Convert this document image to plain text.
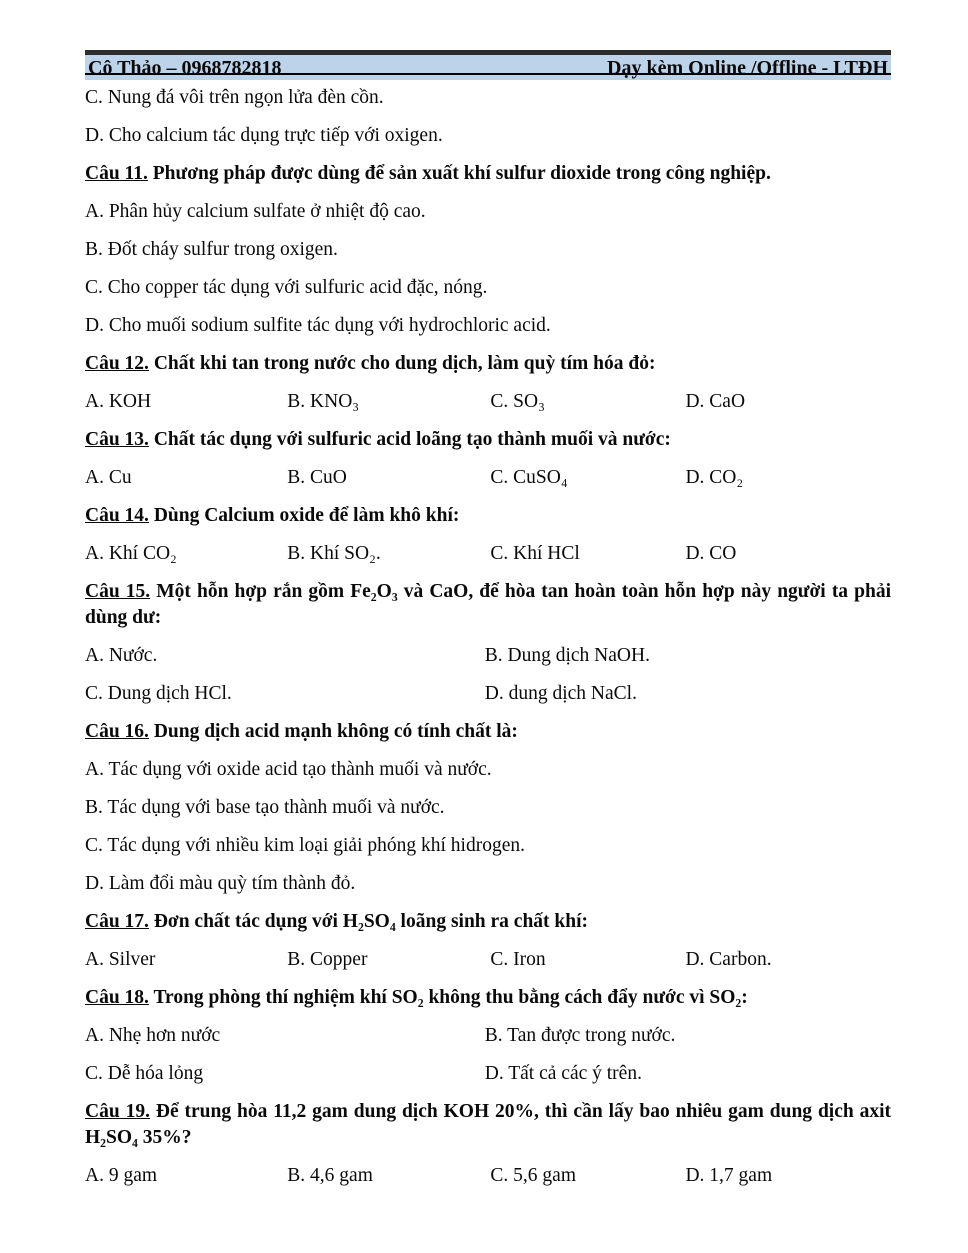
Cô Thảo – 0968782818	Dạy kèm Online /Offline - LTĐH

C. Nung đá vôi trên ngọn lửa đèn cồn.

D. Cho calcium tác dụng trực tiếp với oxigen.

Câu 11. Phương pháp được dùng để sản xuất khí sulfur dioxide trong công nghiệp.

A. Phân hủy calcium sulfate ở nhiệt độ cao.
B. Đốt cháy sulfur trong oxigen.
C. Cho copper tác dụng với sulfuric acid đặc, nóng.
D. Cho muối sodium sulfite tác dụng với hydrochloric acid.

Câu 12. Chất khi tan trong nước cho dung dịch, làm quỳ tím hóa đỏ:

A. KOH	B. KNO₃	C. SO₃	D. CaO

Câu 13. Chất tác dụng với sulfuric acid loãng tạo thành muối và nước:

A. Cu	B. CuO	C. CuSO₄	D. CO₂

Câu 14. Dùng Calcium oxide để làm khô khí:

A. Khí CO₂	B. Khí SO₂.	C. Khí HCl	D. CO

Câu 15. Một hỗn hợp rắn gồm Fe₂O₃ và CaO, để hòa tan hoàn toàn hỗn hợp này người ta phải dùng dư:

A. Nước.	B. Dung dịch NaOH.
C. Dung dịch HCl.	D. dung dịch NaCl.

Câu 16. Dung dịch acid mạnh không có tính chất là:

A. Tác dụng với oxide acid tạo thành muối và nước.
B. Tác dụng với base tạo thành muối và nước.
C. Tác dụng với nhiều kim loại giải phóng khí hidrogen.
D. Làm đổi màu quỳ tím thành đỏ.

Câu 17. Đơn chất tác dụng với H₂SO₄ loãng sinh ra chất khí:

A. Silver	B. Copper	C. Iron	D. Carbon.

Câu 18. Trong phòng thí nghiệm khí SO₂ không thu bằng cách đẩy nước vì SO₂:

A. Nhẹ hơn nước	B. Tan được trong nước.
C. Dễ hóa lỏng	D. Tất cả các ý trên.

Câu 19. Để trung hòa 11,2 gam dung dịch KOH 20%, thì cần lấy bao nhiêu gam dung dịch axit H₂SO₄ 35%?

A. 9 gam	B. 4,6 gam	C. 5,6 gam	D. 1,7 gam
